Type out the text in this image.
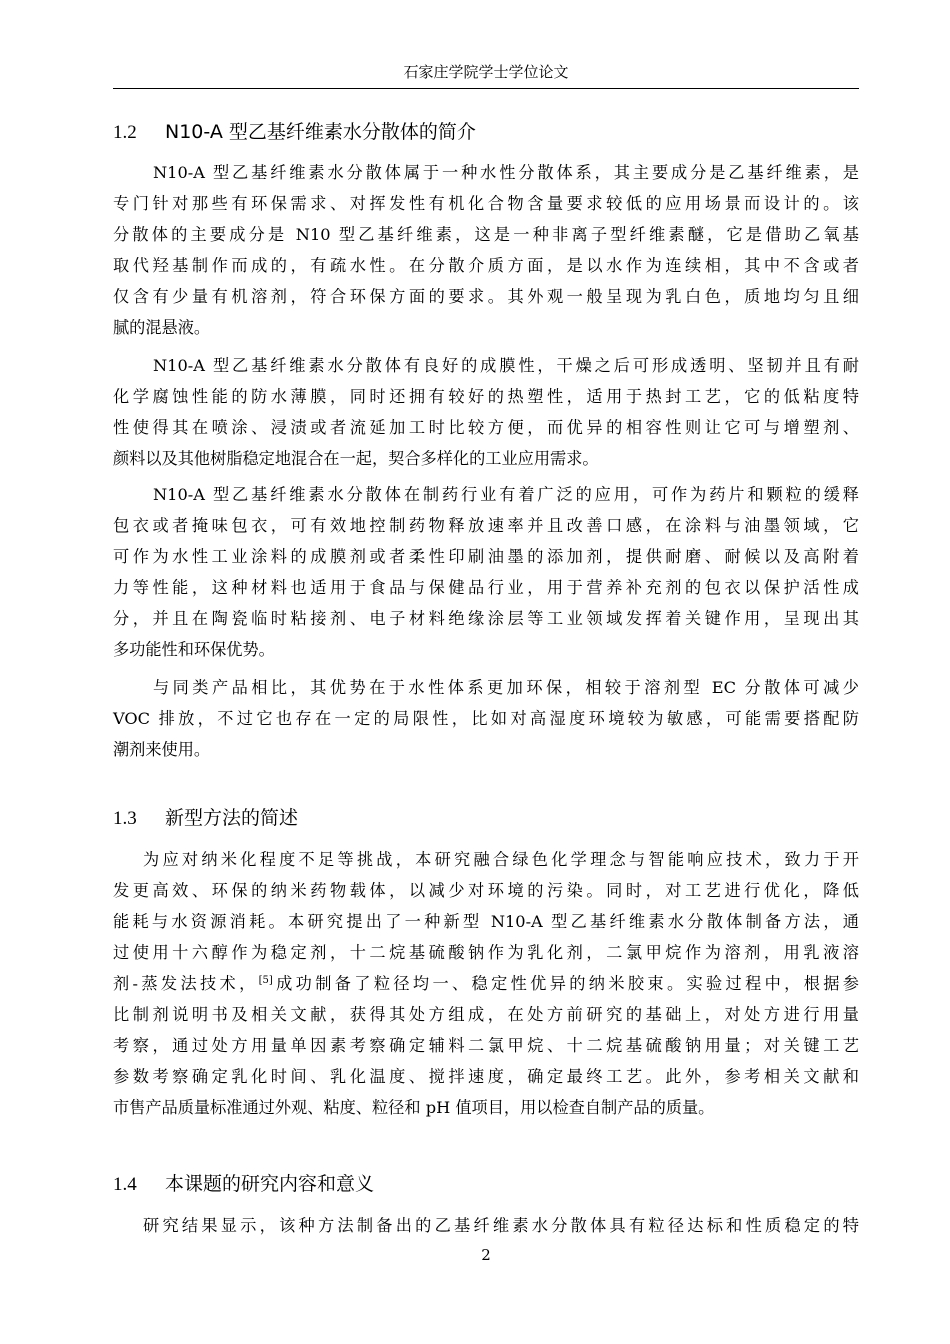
石家庄学院学士学位论文
1.2 N10-A 型乙基纤维素水分散体的简介
N10-A 型乙基纤维素水分散体属于一种水性分散体系，其主要成分是乙基纤维素，是
专门针对那些有环保需求、对挥发性有机化合物含量要求较低的应用场景而设计的。该
分散体的主要成分是 N10 型乙基纤维素，这是一种非离子型纤维素醚，它是借助乙氧基
取代羟基制作而成的，有疏水性。在分散介质方面，是以水作为连续相，其中不含或者
仅含有少量有机溶剂，符合环保方面的要求。其外观一般呈现为乳白色，质地均匀且细
腻的混悬液。
N10-A 型乙基纤维素水分散体有良好的成膜性，干燥之后可形成透明、坚韧并且有耐
化学腐蚀性能的防水薄膜，同时还拥有较好的热塑性，适用于热封工艺，它的低粘度特
性使得其在喷涂、浸渍或者流延加工时比较方便，而优异的相容性则让它可与增塑剂、
颜料以及其他树脂稳定地混合在一起，契合多样化的工业应用需求。
N10-A 型乙基纤维素水分散体在制药行业有着广泛的应用，可作为药片和颗粒的缓释
包衣或者掩味包衣，可有效地控制药物释放速率并且改善口感，在涂料与油墨领域，它
可作为水性工业涂料的成膜剂或者柔性印刷油墨的添加剂，提供耐磨、耐候以及高附着
力等性能，这种材料也适用于食品与保健品行业，用于营养补充剂的包衣以保护活性成
分，并且在陶瓷临时粘接剂、电子材料绝缘涂层等工业领域发挥着关键作用，呈现出其
多功能性和环保优势。
与同类产品相比，其优势在于水性体系更加环保，相较于溶剂型 EC 分散体可减少
VOC 排放，不过它也存在一定的局限性，比如对高湿度环境较为敏感，可能需要搭配防
潮剂来使用。
1.3 新型方法的简述
为应对纳米化程度不足等挑战，本研究融合绿色化学理念与智能响应技术，致力于开
发更高效、环保的纳米药物载体，以减少对环境的污染。同时，对工艺进行优化，降低
能耗与水资源消耗。本研究提出了一种新型 N10-A 型乙基纤维素水分散体制备方法，通
过使用十六醇作为稳定剂，十二烷基硫酸钠作为乳化剂，二氯甲烷作为溶剂，用乳液溶
剂-蒸发法技术，[5]成功制备了粒径均一、稳定性优异的纳米胶束。实验过程中，根据参
比制剂说明书及相关文献，获得其处方组成，在处方前研究的基础上，对处方进行用量
考察，通过处方用量单因素考察确定辅料二氯甲烷、十二烷基硫酸钠用量；对关键工艺
参数考察确定乳化时间、乳化温度、搅拌速度，确定最终工艺。此外，参考相关文献和
市售产品质量标准通过外观、粘度、粒径和 pH 值项目，用以检查自制产品的质量。
1.4 本课题的研究内容和意义
研究结果显示，该种方法制备出的乙基纤维素水分散体具有粒径达标和性质稳定的特
2
